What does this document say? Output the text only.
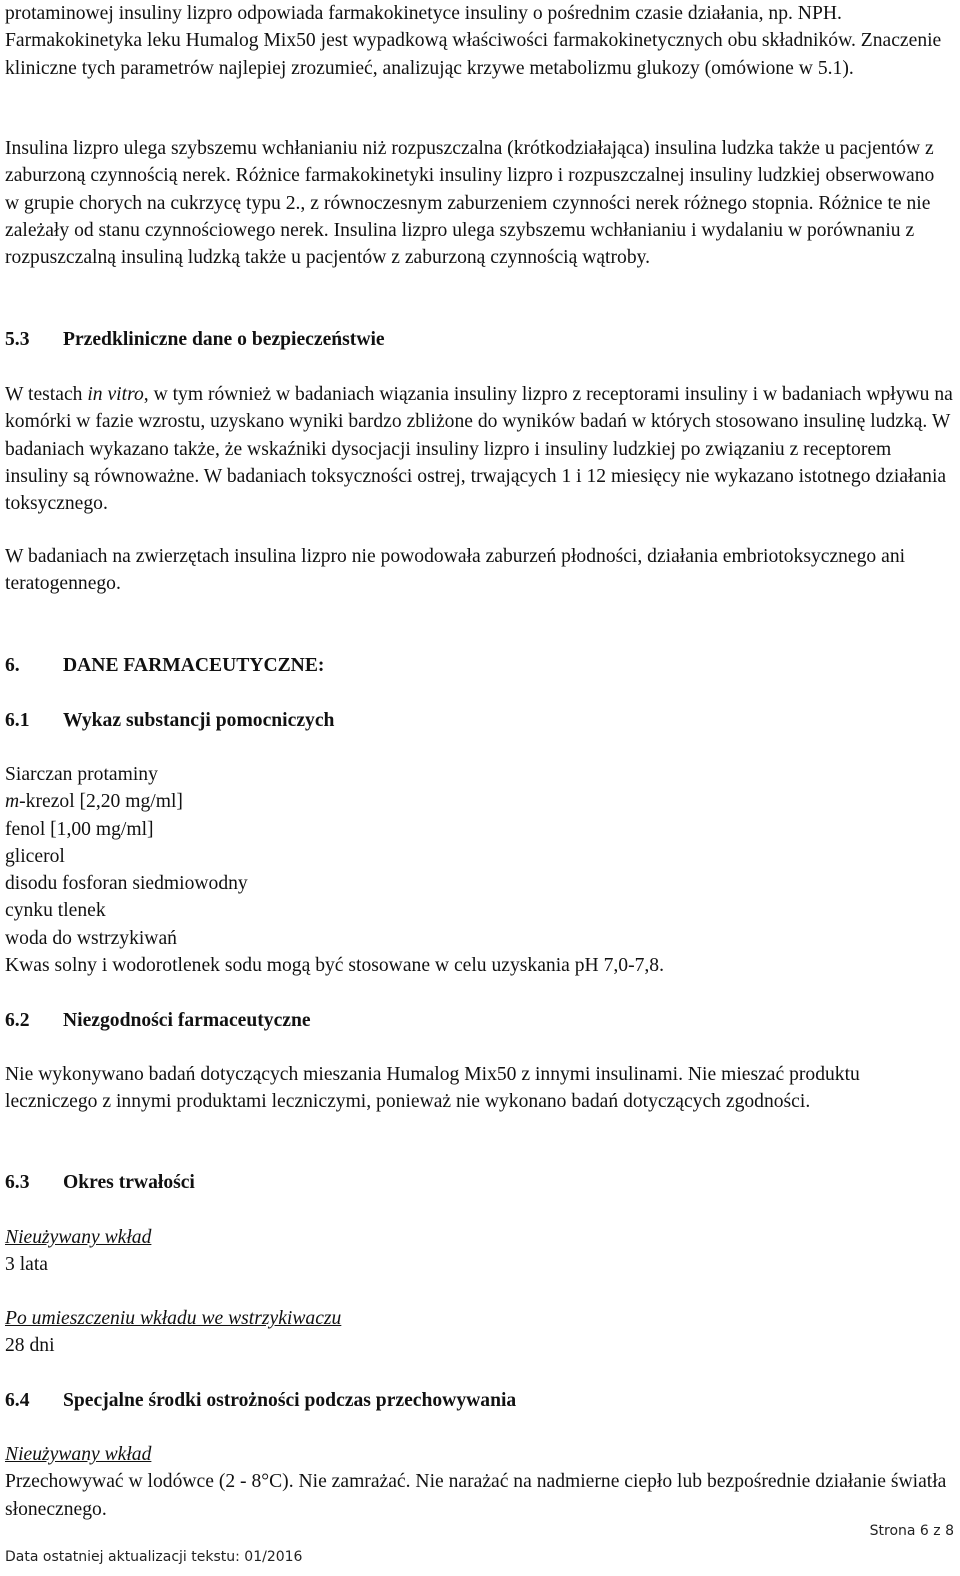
protaminowej insuliny lizpro odpowiada farmakokinetyce insuliny o pośrednim czasie działania, np. NPH. Farmakokinetyka leku Humalog Mix50 jest wypadkową właściwości farmakokinetycznych obu składników. Znaczenie kliniczne tych parametrów najlepiej zrozumieć, analizując krzywe metabolizmu glukozy (omówione w 5.1).

Insulina lizpro ulega szybszemu wchłanianiu niż rozpuszczalna (krótkodziałająca) insulina ludzka także u pacjentów z zaburzoną czynnością nerek. Różnice farmakokinetyki insuliny lizpro i rozpuszczalnej insuliny ludzkiej obserwowano w grupie chorych na cukrzycę typu 2., z równoczesnym zaburzeniem czynności nerek różnego stopnia. Różnice te nie zależały od stanu czynnościowego nerek. Insulina lizpro ulega szybszemu wchłanianiu i wydalaniu w porównaniu z rozpuszczalną insuliną ludzką także u pacjentów z zaburzoną czynnością wątroby.

5.3 Przedkliniczne dane o bezpieczeństwie

W testach in vitro, w tym również w badaniach wiązania insuliny lizpro z receptorami insuliny i w badaniach wpływu na komórki w fazie wzrostu, uzyskano wyniki bardzo zbliżone do wyników badań w których stosowano insulinę ludzką. W badaniach wykazano także, że wskaźniki dysocjacji insuliny lizpro i insuliny ludzkiej po związaniu z receptorem insuliny są równoważne. W badaniach toksyczności ostrej, trwających 1 i 12 miesięcy nie wykazano istotnego działania toksycznego.

W badaniach na zwierzętach insulina lizpro nie powodowała zaburzeń płodności, działania embriotoksycznego ani teratogennego.

6. DANE FARMACEUTYCZNE:
6.1 Wykaz substancji pomocniczych
Siarczan protaminy
m-krezol [2,20 mg/ml]
fenol [1,00 mg/ml]
glicerol
disodu fosforan siedmiowodny
cynku tlenek
woda do wstrzykiwań
Kwas solny i wodorotlenek sodu mogą być stosowane w celu uzyskania pH 7,0-7,8.
6.2 Niezgodności farmaceutyczne

Nie wykonywano badań dotyczących mieszania Humalog Mix50 z innymi insulinami. Nie mieszać produktu leczniczego z innymi produktami leczniczymi, ponieważ nie wykonano badań dotyczących zgodności.

6.3 Okres trwałości
Nieużywany wkład
3 lata
Po umieszczeniu wkładu we wstrzykiwaczu
28 dni
6.4 Specjalne środki ostrożności podczas przechowywania
Nieużywany wkład

Przechowywać w lodówce (2 - 8°C). Nie zamrażać. Nie narażać na nadmierne ciepło lub bezpośrednie działanie światła słonecznego.

Strona 6 z 8
Data ostatniej aktualizacji tekstu: 01/2016
